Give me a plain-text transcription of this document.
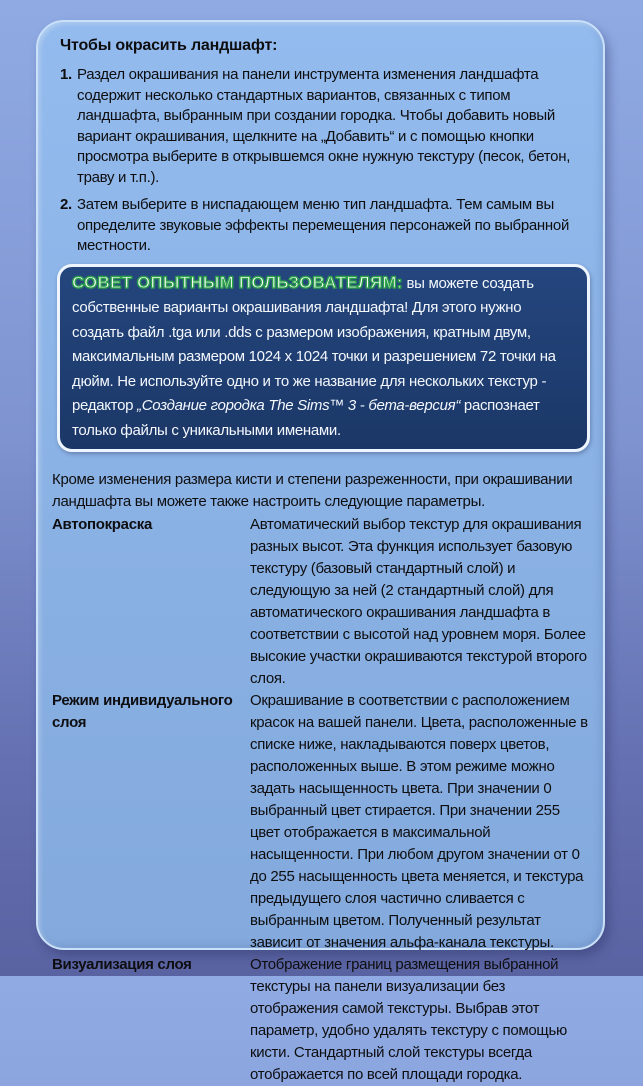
Чтобы окрасить ландшафт:
1. Раздел окрашивания на панели инструмента изменения ландшафта содержит несколько стандартных вариантов, связанных с типом ландшафта, выбранным при создании городка. Чтобы добавить новый вариант окрашивания, щелкните на „Добавить“ и с помощью кнопки просмотра выберите в открывшемся окне нужную текстуру (песок, бетон, траву и т.п.).
2. Затем выберите в ниспадающем меню тип ландшафта. Тем самым вы определите звуковые эффекты перемещения персонажей по выбранной местности.
СОВЕТ ОПЫТНЫМ ПОЛЬЗОВАТЕЛЯМ: вы можете создать собственные варианты окрашивания ландшафта! Для этого нужно создать файл .tga или .dds с размером изображения, кратным двум, максимальным размером 1024 x 1024 точки и разрешением 72 точки на дюйм. Не используйте одно и то же название для нескольких текстур - редактор „Создание городка The Sims™ 3 - бета-версия“ распознает только файлы с уникальными именами.

Кроме изменения размера кисти и степени разреженности, при окрашивании ландшафта вы можете также настроить следующие параметры.

Автопокраска	Автоматический выбор текстур для окрашивания разных высот. Эта функция использует базовую текстуру (базовый стандартный слой) и следующую за ней (2 стандартный слой) для автоматического окрашивания ландшафта в соответствии с высотой над уровнем моря. Более высокие участки окрашиваются текстурой второго слоя.
Режим индивидуального слоя
Окрашивание в соответствии с расположением красок на вашей панели. Цвета, расположенные в списке ниже, накладываются поверх цветов, расположенных выше. В этом режиме можно задать насыщенность цвета. При значении 0 выбранный цвет стирается. При значении 255 цвет отображается в максимальной насыщенности. При любом другом значении от 0 до 255 насыщенность цвета меняется, и текстура предыдущего слоя частично сливается с выбранным цветом. Полученный результат зависит от значения альфа-канала текстуры.
Визуализация слоя	Отображение границ размещения выбранной текстуры на панели визуализации без отображения самой текстуры. Выбрав этот параметр, удобно удалять текстуру с помощью кисти. Стандартный слой текстуры всегда отображается по всей площади городка.
